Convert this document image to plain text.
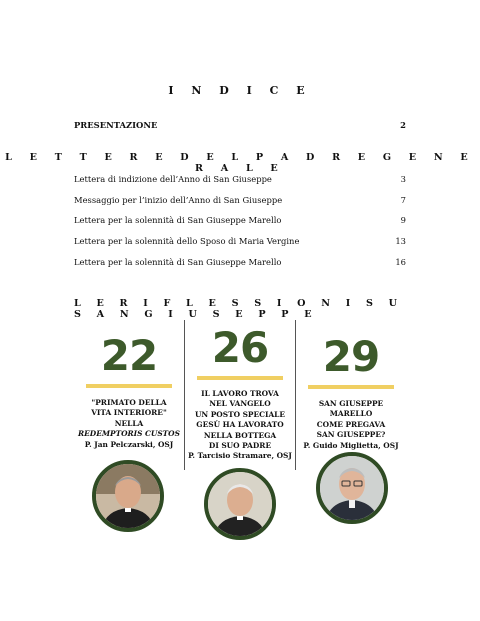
I N D I C E
PRESENTAZIONE	2
L E T T E R E D E L P A D R E G E N E R A L E
Lettera di indizione dell’Anno di San Giuseppe	3
Messaggio per l’inizio dell’Anno di San Giuseppe	7
Lettera per la solennità di San Giuseppe Marello	9
Lettera per la solennità dello Sposo di Maria Vergine	13
Lettera per la solennità di San Giuseppe Marello	16
L E R I F L E S S I O N I S U S A N G I U S E P P E
22
"PRIMATO DELLA
VITA INTERIORE"
NELLA
REDEMPTORIS CUSTOS
P. Jan Pelczarski, OSJ
26
IL LAVORO TROVA
NEL VANGELO
UN POSTO SPECIALE
GESÙ HA LAVORATO
NELLA BOTTEGA
DI SUO PADRE
P. Tarcisio Stramare, OSJ
29
SAN GIUSEPPE MARELLO
COME PREGAVA
SAN GIUSEPPE?
P. Guido Miglietta, OSJ
